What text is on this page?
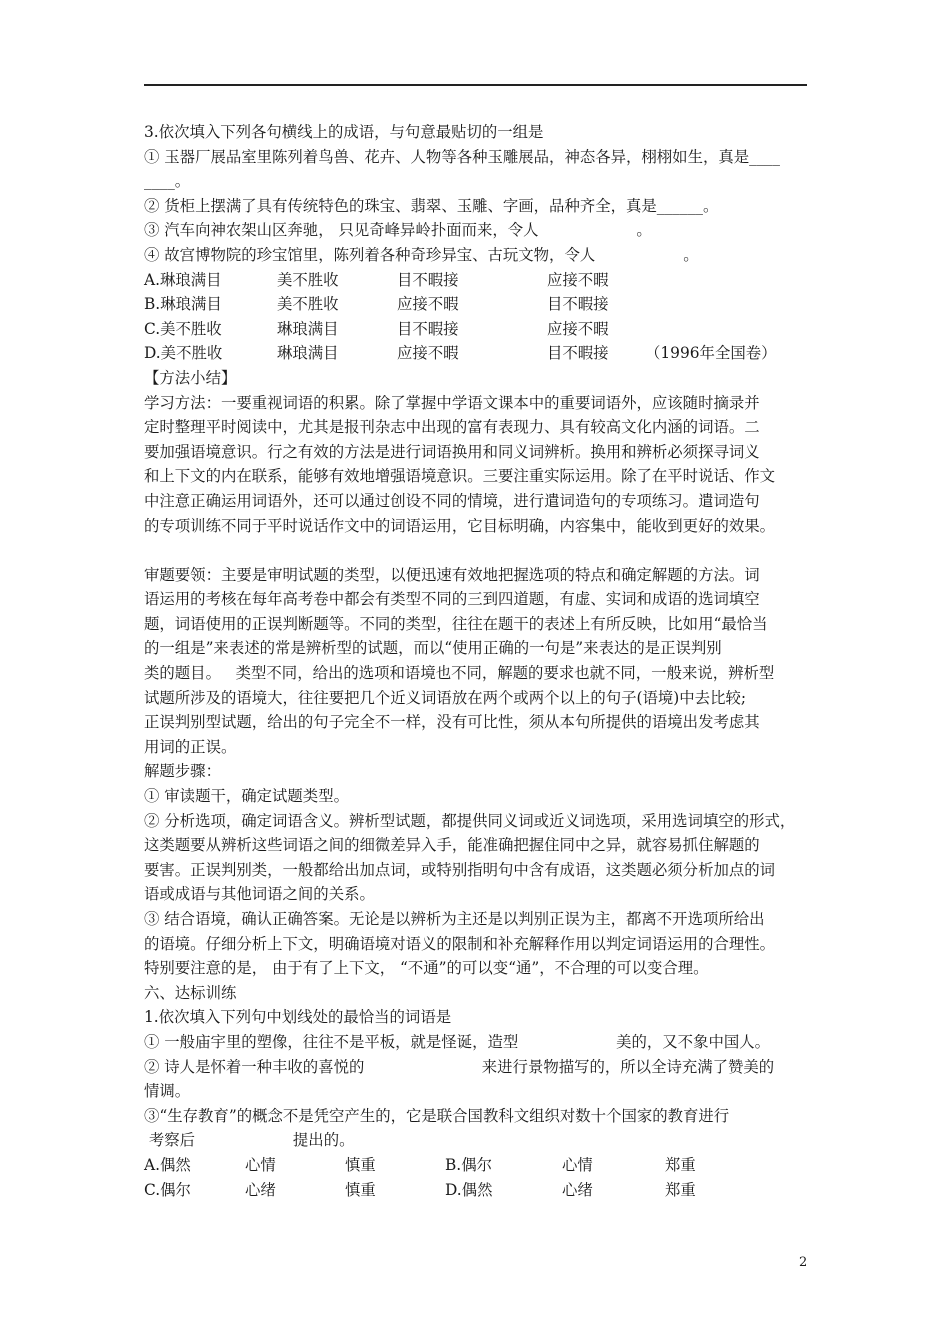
3.依次填入下列各句横线上的成语，与句意最贴切的一组是
① 玉器厂展品室里陈列着鸟兽、花卉、人物等各种玉雕展品，神态各异，栩栩如生，真是____
____。
② 货柜上摆满了具有传统特色的珠宝、翡翠、玉雕、字画，品种齐全，真是______。
③ 汽车向神农架山区奔驰， 只见奇峰异岭扑面而来，令人                    。
④ 故宫博物院的珍宝馆里，陈列着各种奇珍异宝、古玩文物，令人                  。
A.琳琅满目	美不胜收	目不暇接	应接不暇
B.琳琅满目	美不胜收	应接不暇	目不暇接
C.美不胜收	琳琅满目	目不暇接	应接不暇
D.美不胜收	琳琅满目	应接不暇	目不暇接	（1996年全国卷）
【方法小结】
学习方法：一要重视词语的积累。除了掌握中学语文课本中的重要词语外，应该随时摘录并
定时整理平时阅读中，尤其是报刊杂志中出现的富有表现力、具有较高文化内涵的词语。二
要加强语境意识。行之有效的方法是进行词语换用和同义词辨析。换用和辨析必须探寻词义
和上下文的内在联系，能够有效地增强语境意识。三要注重实际运用。除了在平时说话、作文
中注意正确运用词语外，还可以通过创设不同的情境，进行遣词造句的专项练习。遣词造句
的专项训练不同于平时说话作文中的词语运用，它目标明确，内容集中，能收到更好的效果。
审题要领：主要是审明试题的类型，以便迅速有效地把握选项的特点和确定解题的方法。词
语运用的考核在每年高考卷中都会有类型不同的三到四道题，有虚、实词和成语的选词填空
题，词语使用的正误判断题等。不同的类型，往往在题干的表述上有所反映，比如用“最恰当
的一组是”来表述的常是辨析型的试题，而以“使用正确的一句是”来表达的是正误判别
类的题目。   类型不同，给出的选项和语境也不同，解题的要求也就不同，一般来说，辨析型
试题所涉及的语境大，往往要把几个近义词语放在两个或两个以上的句子(语境)中去比较;
正误判别型试题，给出的句子完全不一样，没有可比性，须从本句所提供的语境出发考虑其
用词的正误。
解题步骤：
① 审读题干，确定试题类型。
② 分析选项，确定词语含义。辨析型试题，都提供同义词或近义词选项，采用选词填空的形式，
这类题要从辨析这些词语之间的细微差异入手，能准确把握住同中之异，就容易抓住解题的
要害。正误判别类，一般都给出加点词，或特别指明句中含有成语，这类题必须分析加点的词
语或成语与其他词语之间的关系。
③ 结合语境，确认正确答案。无论是以辨析为主还是以判别正误为主，都离不开选项所给出
的语境。仔细分析上下文，明确语境对语义的限制和补充解释作用以判定词语运用的合理性。
特别要注意的是， 由于有了上下文， “不通”的可以变“通”，不合理的可以变合理。
六、达标训练
1.依次填入下列句中划线处的最恰当的词语是
① 一般庙宇里的塑像，往往不是平板，就是怪诞，造型                    美的，又不象中国人。
② 诗人是怀着一种丰收的喜悦的                        来进行景物描写的，所以全诗充满了赞美的
情调。
③“生存教育”的概念不是凭空产生的，它是联合国教科文组织对数十个国家的教育进行
考察后                    提出的。
A.偶然	心情	慎重	B.偶尔	心情	郑重
C.偶尔	心绪	慎重	D.偶然	心绪	郑重
2
